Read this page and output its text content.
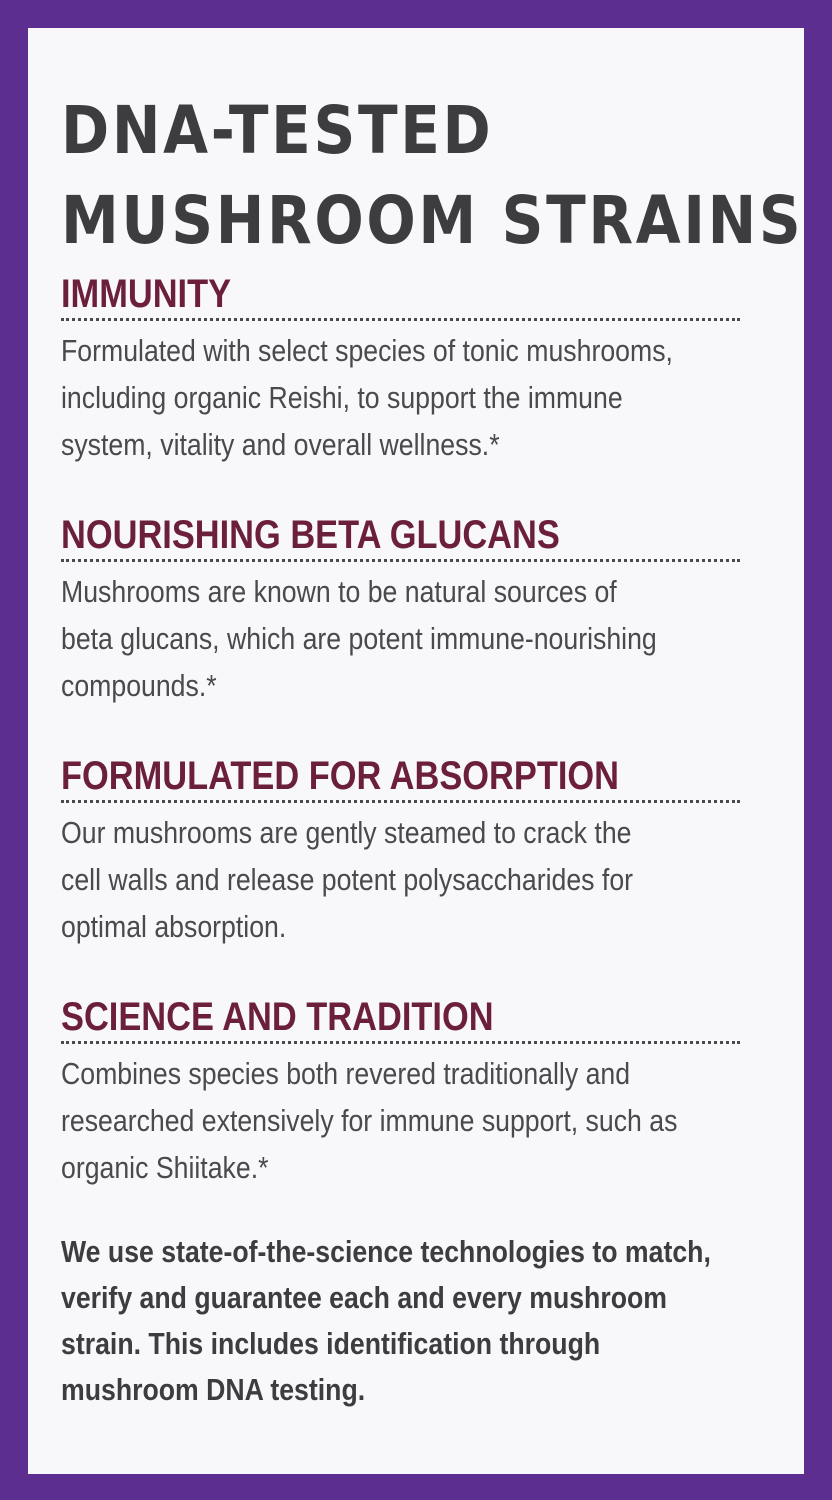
DNA-TESTED
MUSHROOM STRAINS
IMMUNITY

Formulated with select species of tonic mushrooms,
including organic Reishi, to support the immune
system, vitality and overall wellness.*

NOURISHING BETA GLUCANS

Mushrooms are known to be natural sources of
beta glucans, which are potent immune-nourishing
compounds.*

FORMULATED FOR ABSORPTION

Our mushrooms are gently steamed to crack the
cell walls and release potent polysaccharides for
optimal absorption.

SCIENCE AND TRADITION

Combines species both revered traditionally and
researched extensively for immune support, such as
organic Shiitake.*

We use state-of-the-science technologies to match,
verify and guarantee each and every mushroom
strain. This includes identification through
mushroom DNA testing.
